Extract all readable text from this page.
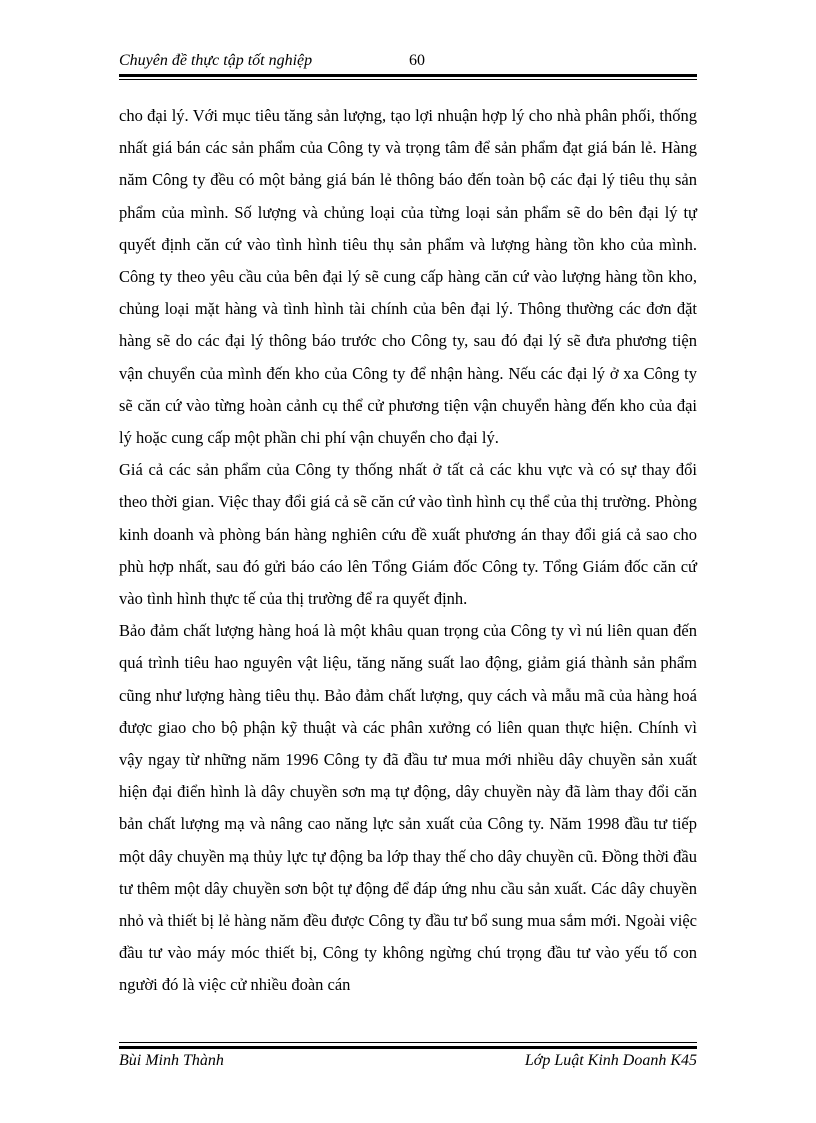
Chuyên đề thực tập tốt nghiệp	60

cho đại lý. Với mục tiêu tăng sản lượng, tạo lợi nhuận hợp lý cho nhà phân phối, thống nhất giá bán các sản phẩm của Công ty và trọng tâm để sản phẩm đạt giá bán lẻ. Hàng năm Công ty đều có một bảng giá bán lẻ thông báo đến toàn bộ các đại lý tiêu thụ sản phẩm của mình. Số lượng và chủng loại của từng loại sản phẩm sẽ do bên đại lý tự quyết định căn cứ vào tình hình tiêu thụ sản phẩm và lượng hàng tồn kho của mình. Công ty theo yêu cầu của bên đại lý sẽ cung cấp hàng căn cứ vào lượng hàng tồn kho, chủng loại mặt hàng và tình hình tài chính của bên đại lý. Thông thường các đơn đặt hàng sẽ do các đại lý thông báo trước cho Công ty, sau đó đại lý sẽ đưa phương tiện vận chuyển của mình đến kho của Công ty để nhận hàng. Nếu các đại lý ở xa Công ty sẽ căn cứ vào từng hoàn cảnh cụ thể cử phương tiện vận chuyển hàng đến kho của đại lý hoặc cung cấp một phần chi phí vận chuyển cho đại lý.

Giá cả các sản phẩm của Công ty thống nhất ở tất cả các khu vực và có sự thay đổi theo thời gian. Việc thay đổi giá cả sẽ căn cứ vào tình hình cụ thể của thị trường. Phòng kinh doanh và phòng bán hàng nghiên cứu đề xuất phương án thay đổi giá cả sao cho phù hợp nhất, sau đó gửi báo cáo lên Tổng Giám đốc Công ty. Tổng Giám đốc căn cứ vào tình hình thực tế của thị trường để ra quyết định.

Bảo đảm chất lượng hàng hoá là một khâu quan trọng của Công ty vì nú liên quan đến quá trình tiêu hao nguyên vật liệu, tăng năng suất lao động, giảm giá thành sản phẩm cũng như lượng hàng tiêu thụ. Bảo đảm chất lượng, quy cách và mẫu mã của hàng hoá được giao cho bộ phận kỹ thuật và các phân xưởng có liên quan thực hiện. Chính vì vậy ngay từ những năm 1996 Công ty đã đầu tư mua mới nhiều dây chuyền sản xuất hiện đại điển hình là dây chuyền sơn mạ tự động, dây chuyền này đã làm thay đổi căn bản chất lượng mạ và nâng cao năng lực sản xuất của Công ty. Năm 1998 đầu tư tiếp một dây chuyền mạ thủy lực tự động ba lớp thay thế cho dây chuyền cũ. Đồng thời đầu tư thêm một dây chuyền sơn bột tự động để đáp ứng nhu cầu sản xuất. Các dây chuyền nhỏ và thiết bị lẻ hàng năm đều được Công ty đầu tư bổ sung mua sắm mới. Ngoài việc đầu tư vào máy móc thiết bị, Công ty không ngừng chú trọng đầu tư vào yếu tố con người đó là việc cử nhiều đoàn cán

Bùi Minh Thành	Lớp Luật Kinh Doanh K45
